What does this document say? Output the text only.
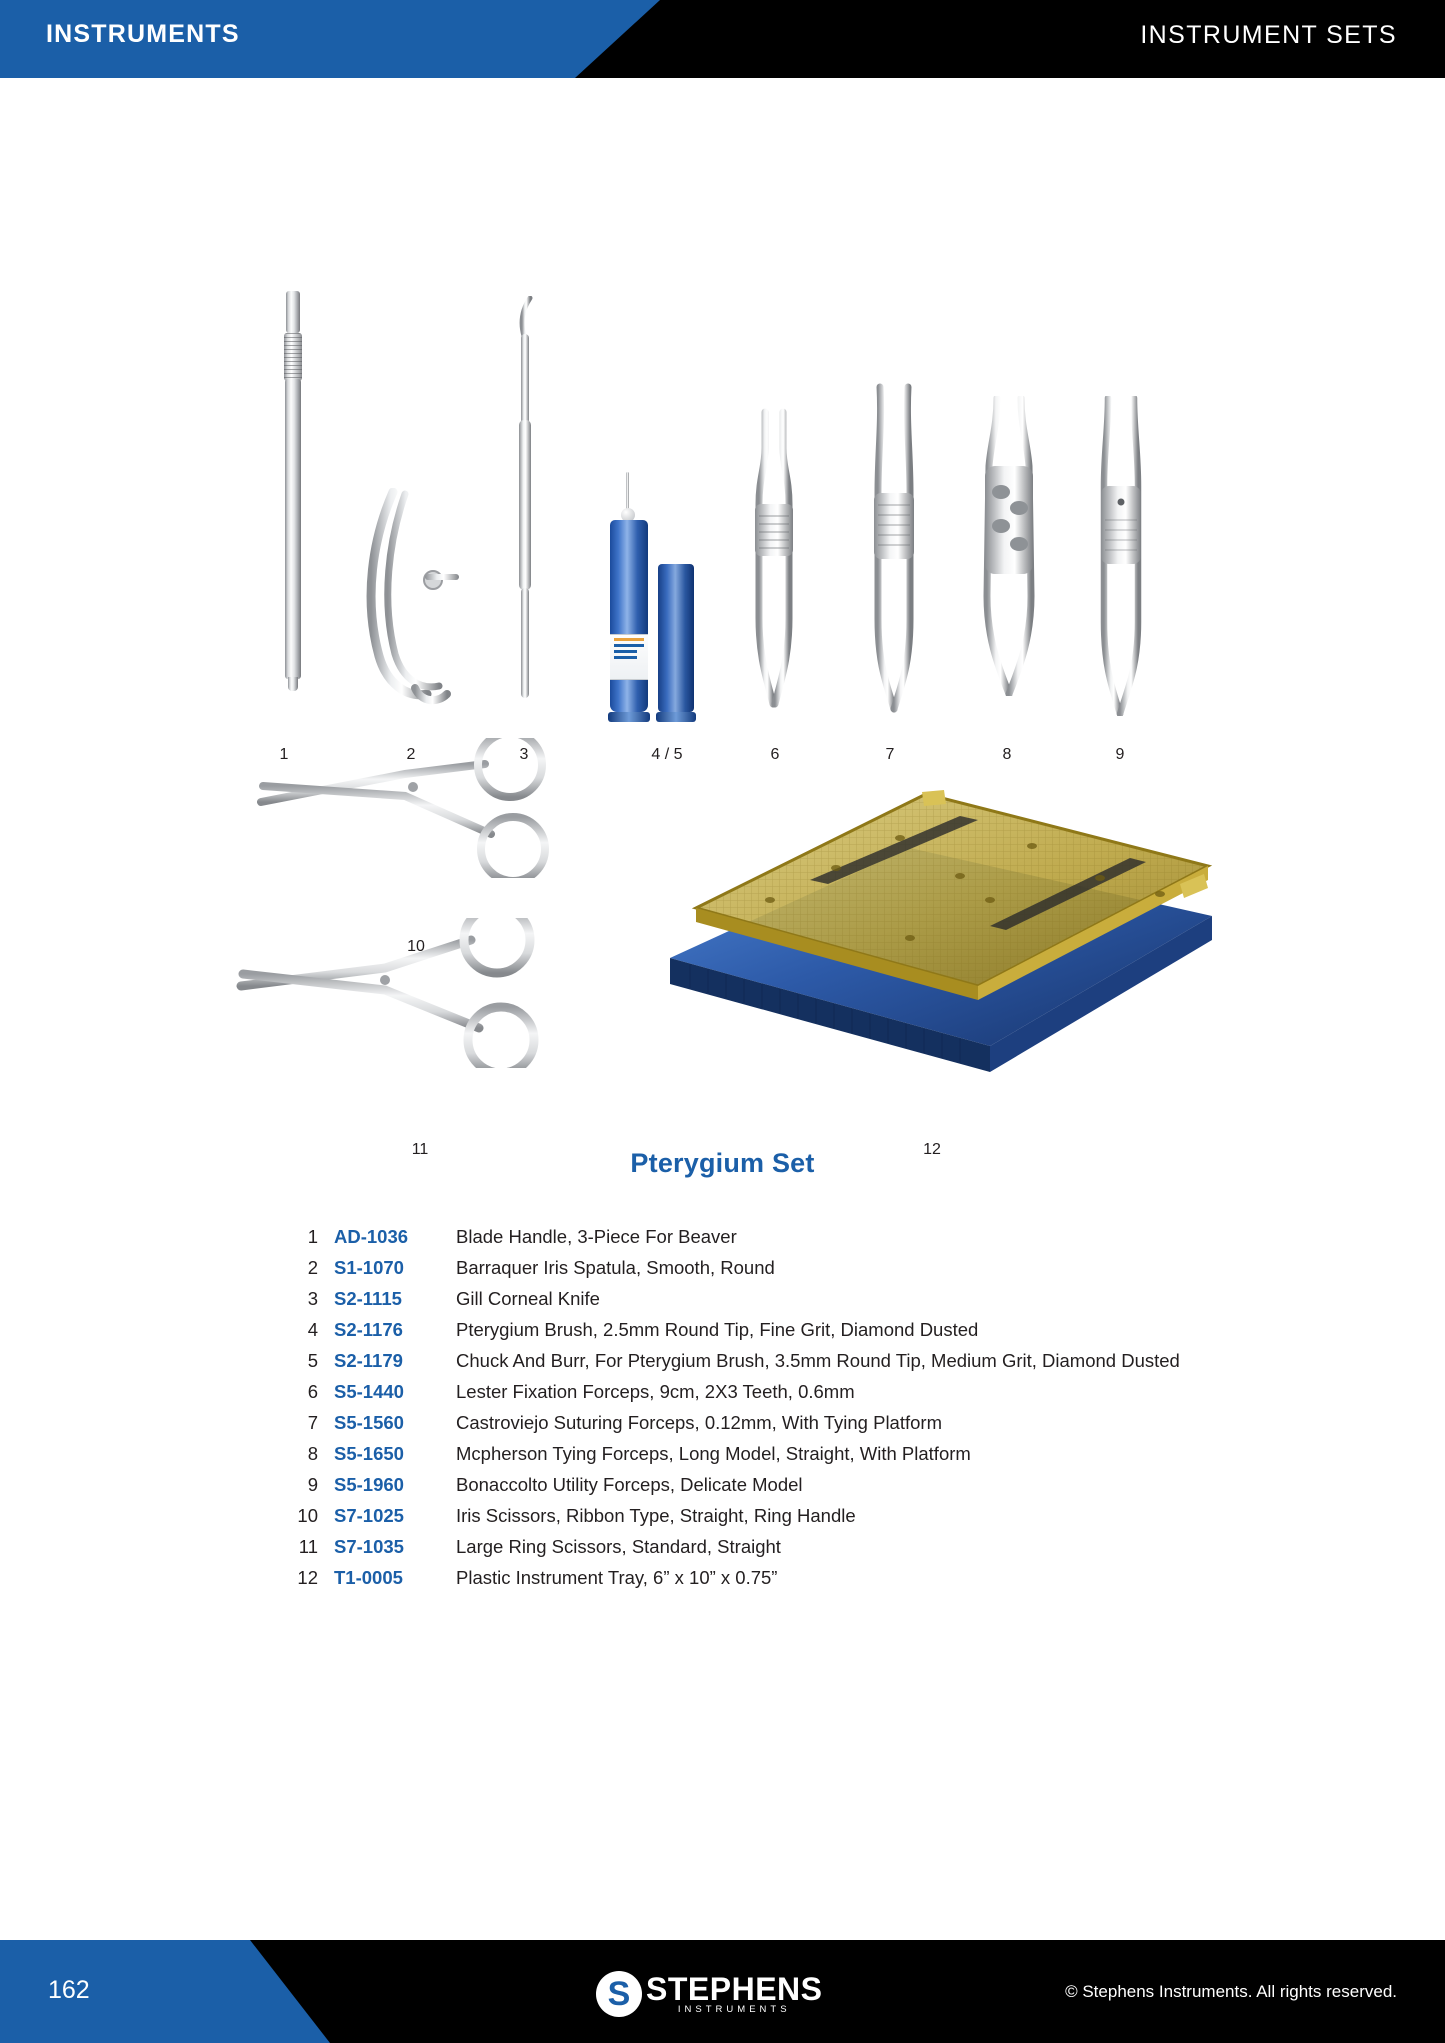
INSTRUMENTS	INSTRUMENT SETS
1	2	3	4 / 5	6	7	8	9
10
11	12
Pterygium Set
1 AD-1036	Blade Handle, 3-Piece For Beaver
2 S1-1070	Barraquer Iris Spatula, Smooth, Round
3 S2-1115	Gill Corneal Knife
4 S2-1176	Pterygium Brush, 2.5mm Round Tip, Fine Grit, Diamond Dusted
5 S2-1179	Chuck And Burr, For Pterygium Brush, 3.5mm Round Tip, Medium Grit, Diamond Dusted
6 S5-1440	Lester Fixation Forceps, 9cm, 2X3 Teeth, 0.6mm
7 S5-1560	Castroviejo Suturing Forceps, 0.12mm, With Tying Platform
8 S5-1650	Mcpherson Tying Forceps, Long Model, Straight, With Platform
9 S5-1960	Bonaccolto Utility Forceps, Delicate Model
10 S7-1025	Iris Scissors, Ribbon Type, Straight, Ring Handle
11 S7-1035	Large Ring Scissors, Standard, Straight
12 T1-0005	Plastic Instrument Tray, 6” x 10” x 0.75”
162	S STEPHENS
INSTRUMENTS
© Stephens Instruments. All rights reserved.
